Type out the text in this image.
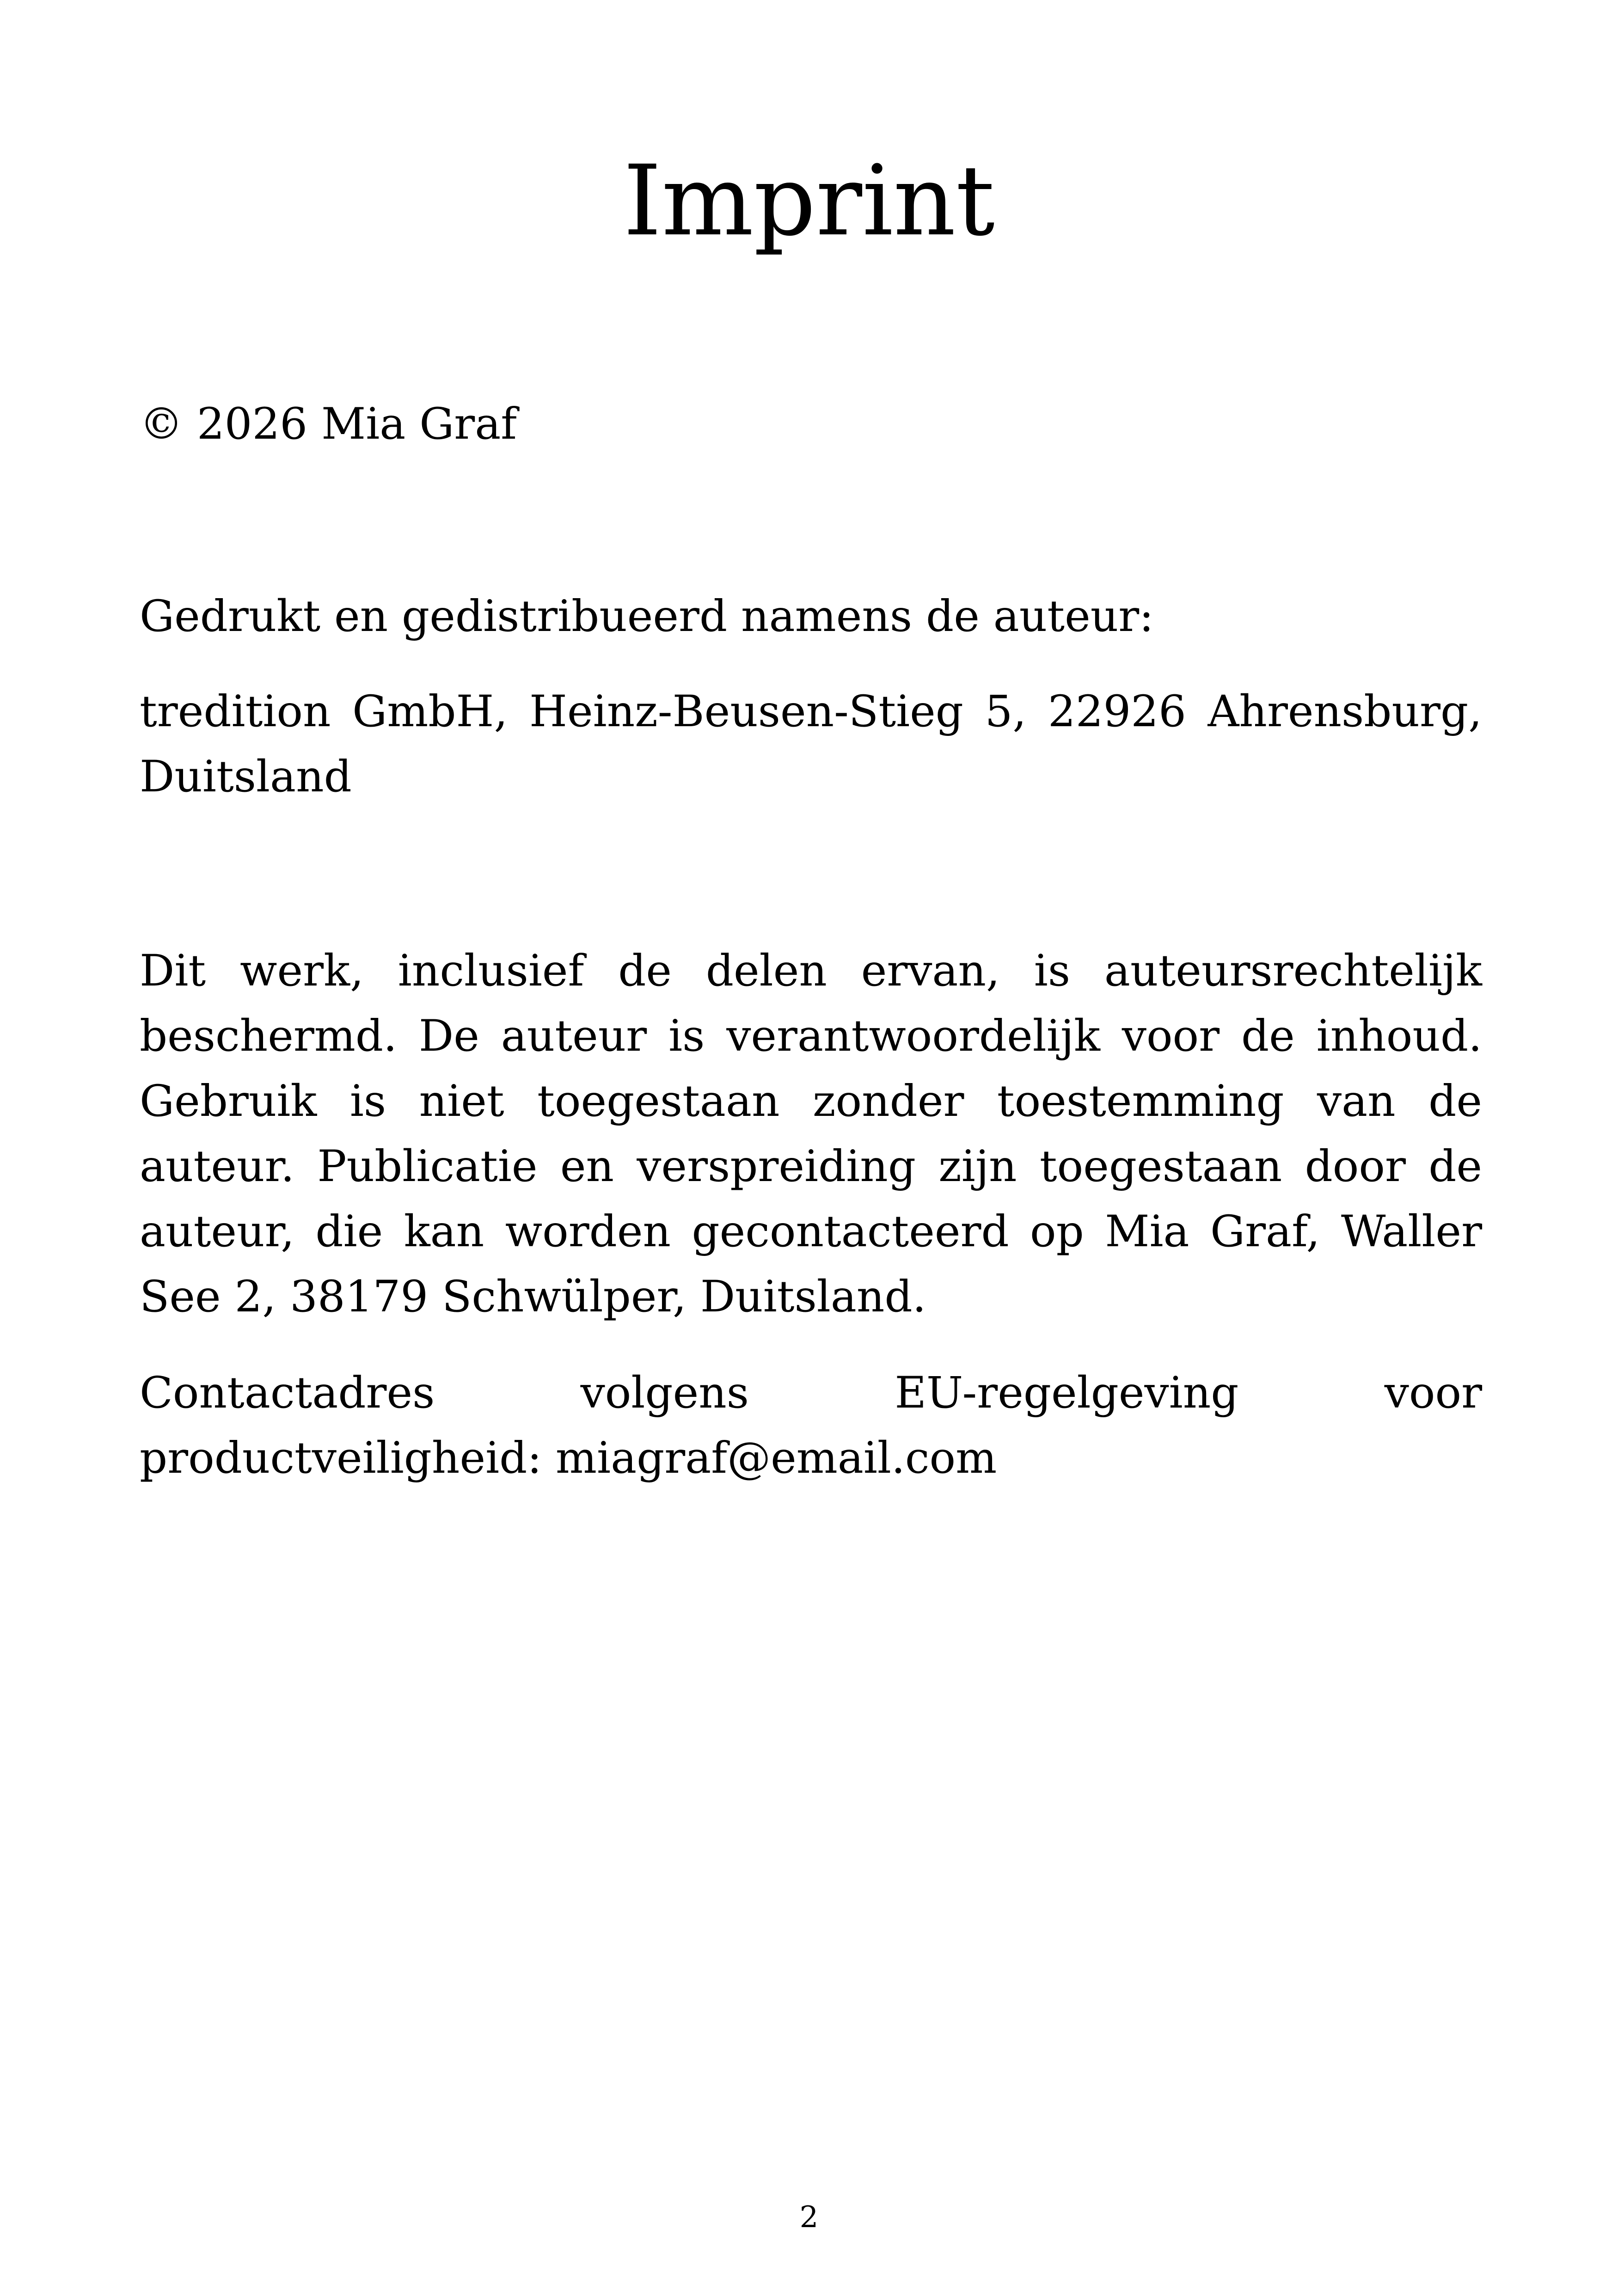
Imprint

© 2026 Mia Graf

Gedrukt en gedistribueerd namens de auteur:

tredition GmbH, Heinz-Beusen-Stieg 5, 22926 Ahrensburg, Duitsland

Dit werk, inclusief de delen ervan, is auteursrechtelijk beschermd. De auteur is verantwoordelijk voor de inhoud. Gebruik is niet toegestaan zonder toestemming van de auteur. Publicatie en verspreiding zijn toegestaan door de auteur, die kan worden gecontacteerd op Mia Graf, Waller See 2, 38179 Schwülper, Duitsland.

Contactadres volgens EU-regelgeving voor productveiligheid: miagraf@email.com

2
